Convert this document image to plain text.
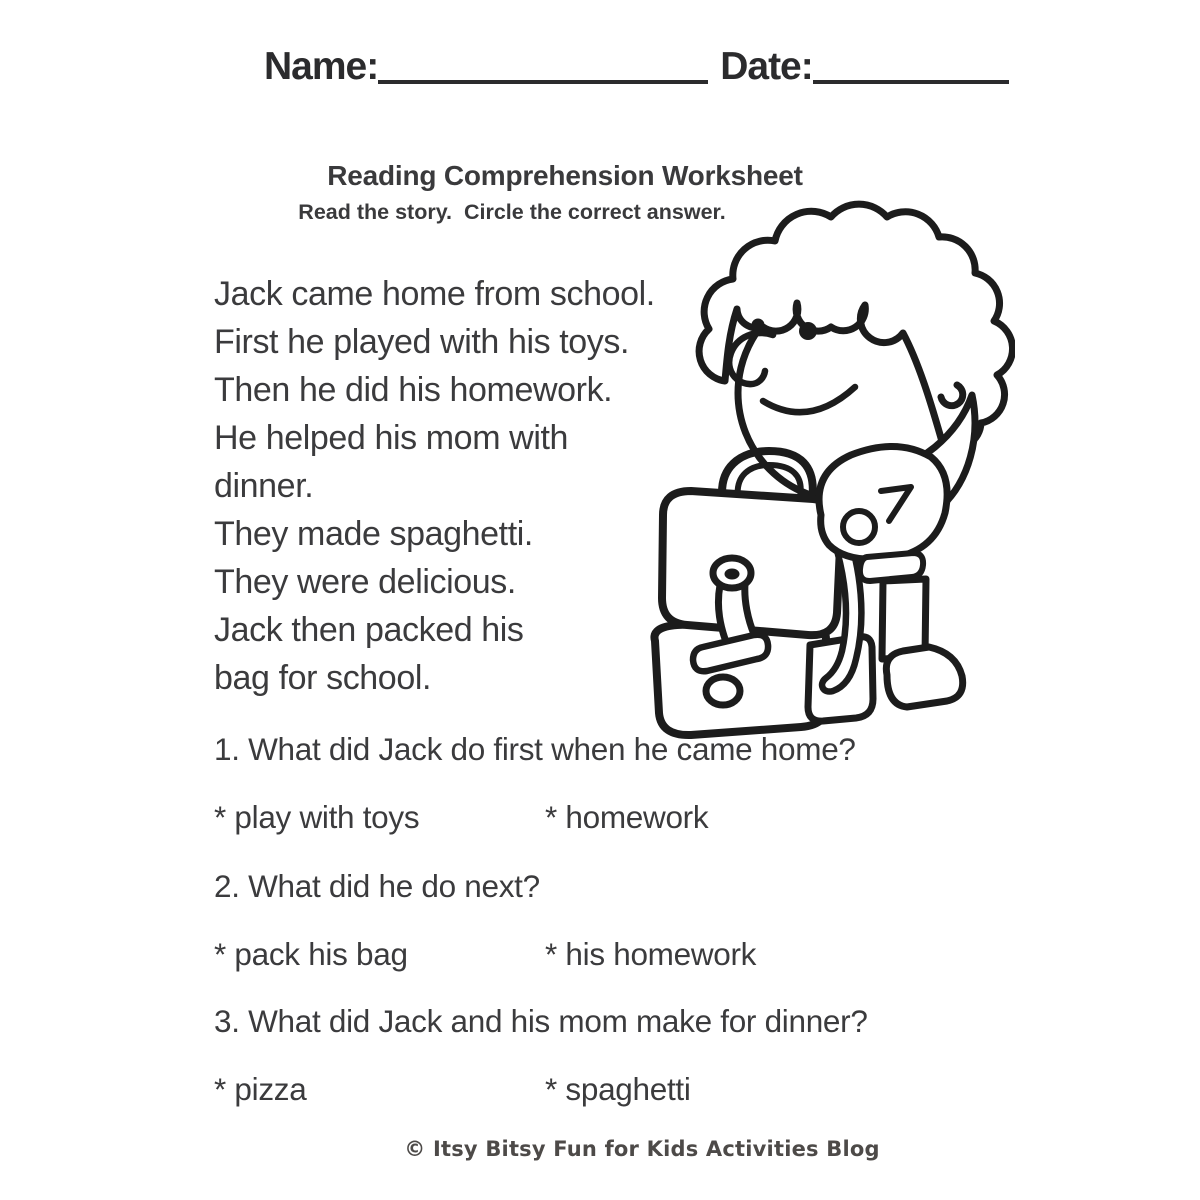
Name:	Date:
Reading Comprehension Worksheet
Read the story.  Circle the correct answer.
Jack came home from school.
First he played with his toys.
Then he did his homework.
He helped his mom with
dinner.
They made spaghetti.
They were delicious.
Jack then packed his
bag for school.
1. What did Jack do first when he came home?
* play with toys	* homework
2. What did he do next?
* pack his bag	* his homework
3. What did Jack and his mom make for dinner?
* pizza	* spaghetti
© Itsy Bitsy Fun for Kids Activities Blog
